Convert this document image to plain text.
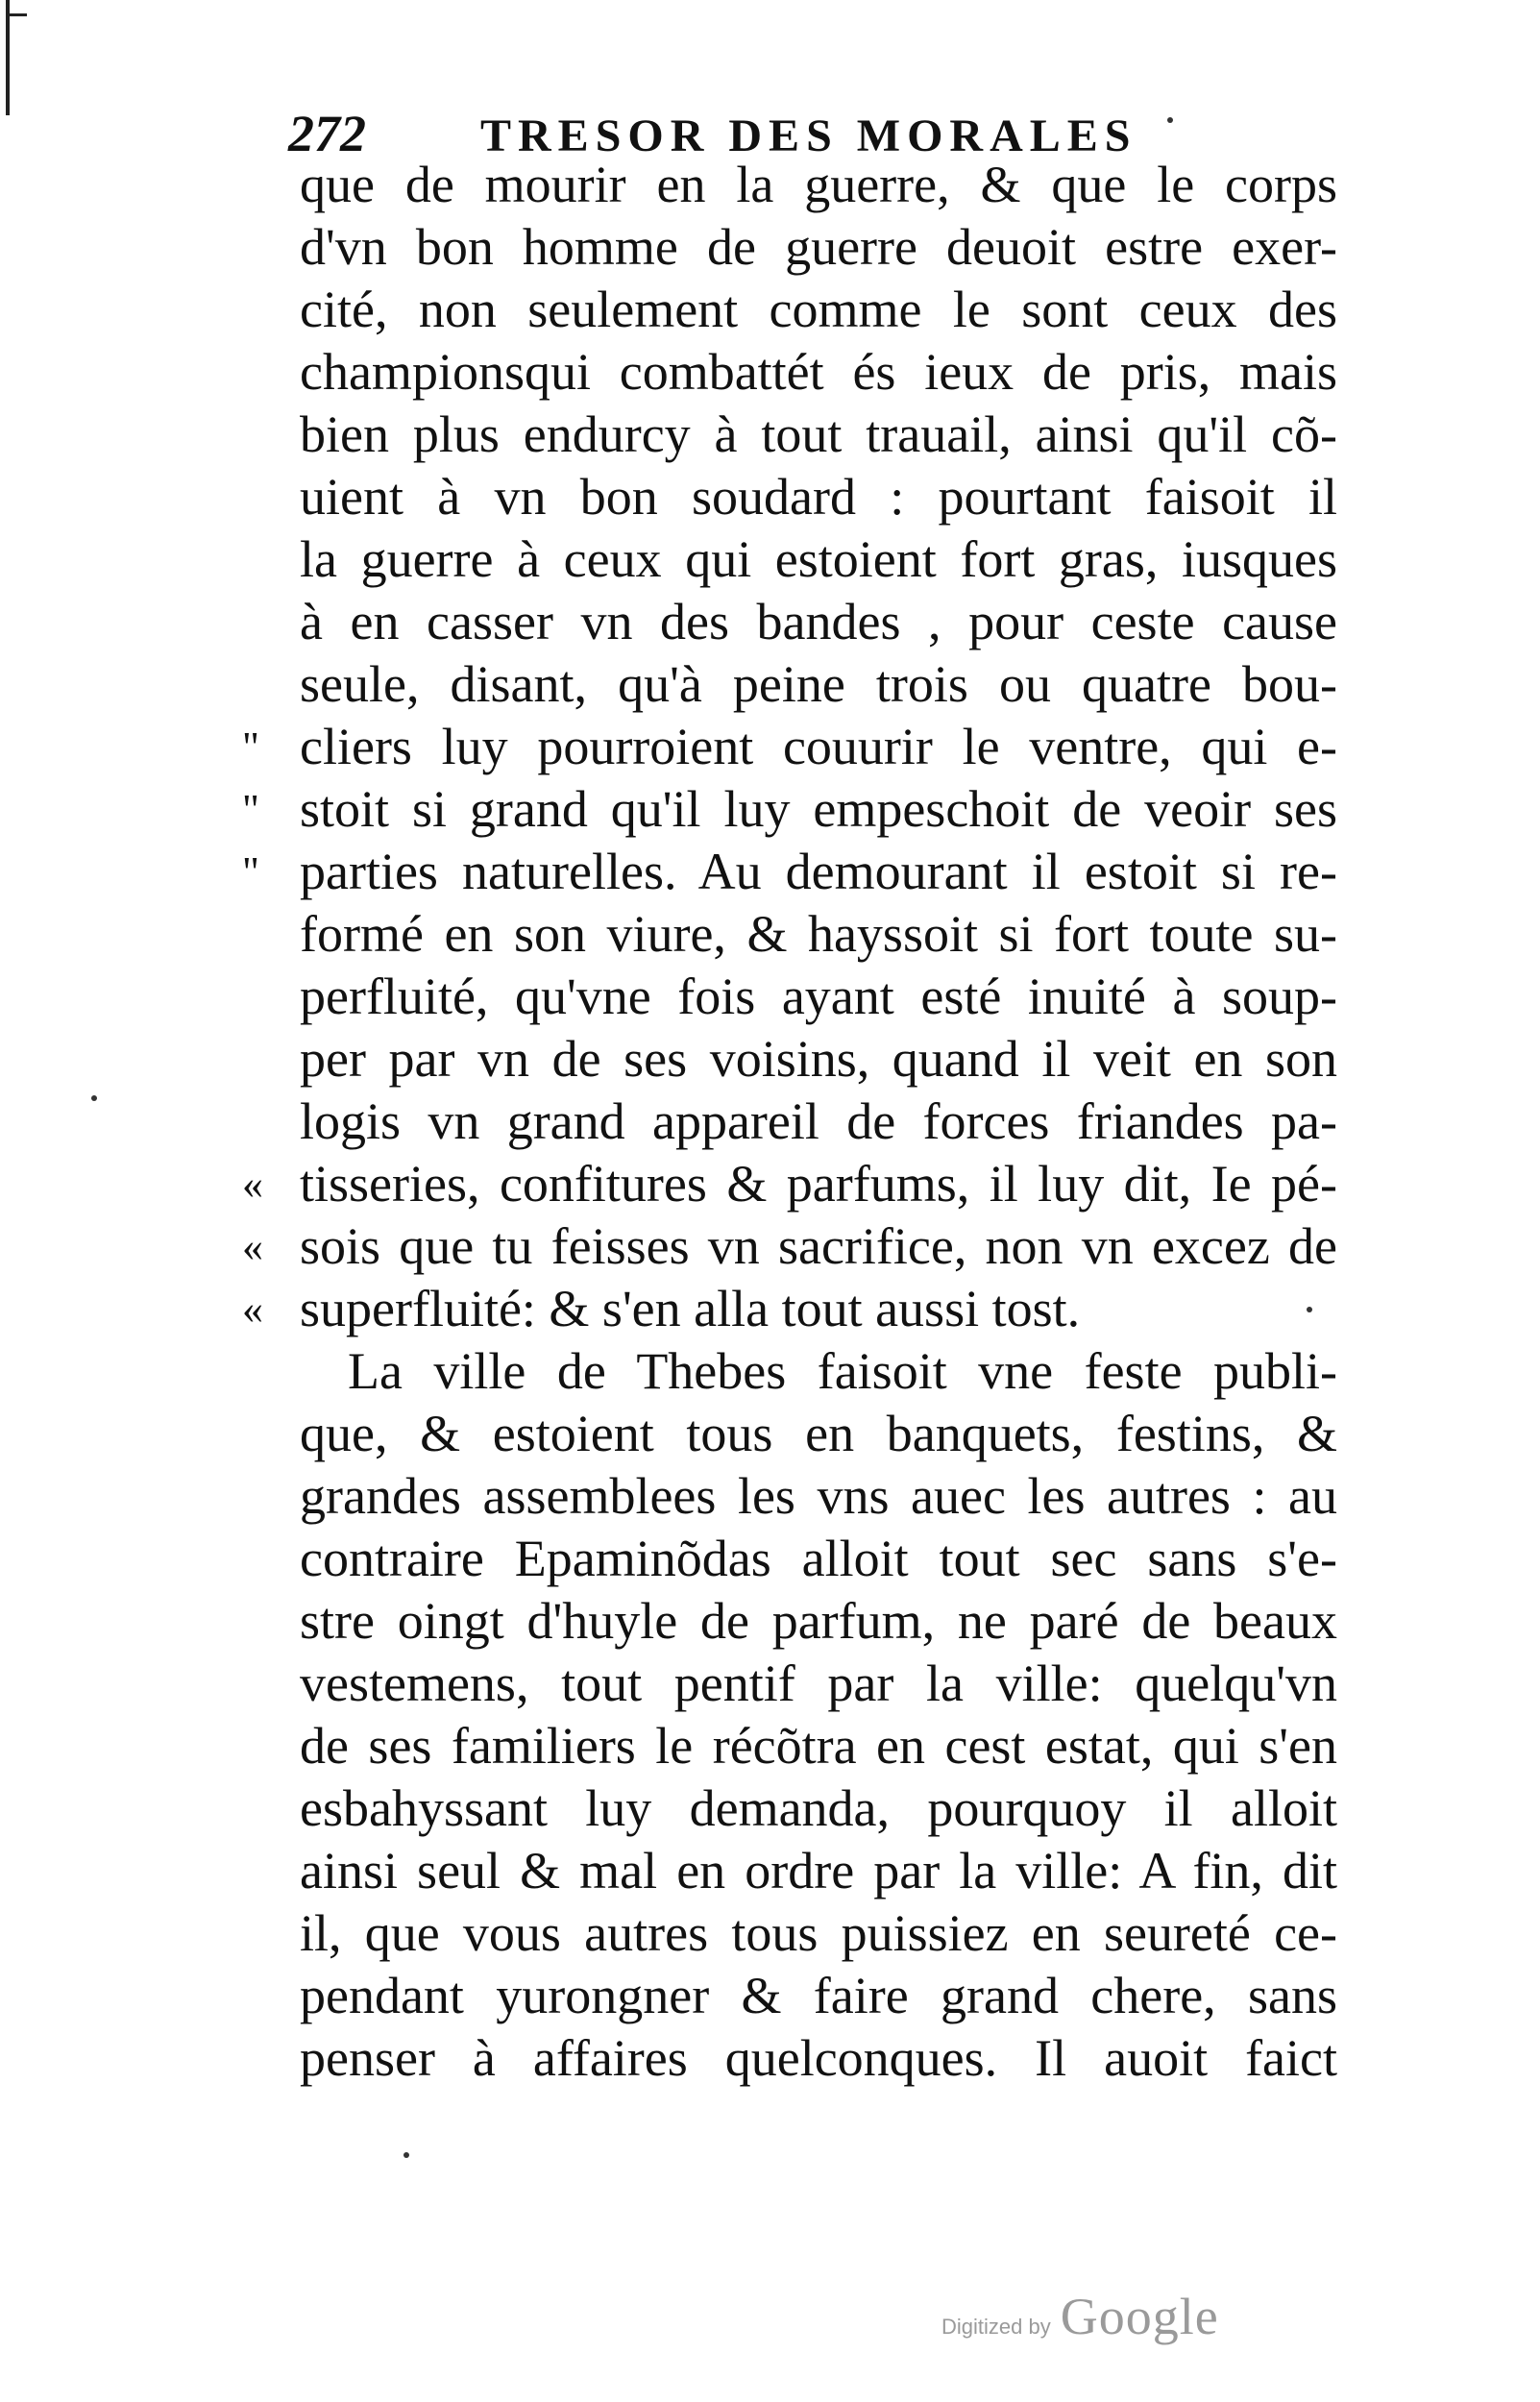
272	TRESOR DES MORALES
que de mourir en la guerre, & que le corps
d'vn bon homme de guerre deuoit estre exer-
cité, non seulement comme le sont ceux des
championsqui combattét és ieux de pris, mais
bien plus endurcy à tout trauail, ainsi qu'il cõ-
uient à vn bon soudard : pourtant faisoit il
la guerre à ceux qui estoient fort gras, iusques
à en casser vn des bandes , pour ceste cause
seule, disant, qu'à peine trois ou quatre bou-
" cliers luy pourroient couurir le ventre, qui e-
" stoit si grand qu'il luy empeschoit de veoir ses
" parties naturelles. Au demourant il estoit si re-
formé en son viure, & hayssoit si fort toute su-
perfluité, qu'vne fois ayant esté inuité à soup-
per par vn de ses voisins, quand il veit en son
logis vn grand appareil de forces friandes pa-
« tisseries, confitures & parfums, il luy dit, Ie pé-
« sois que tu feisses vn sacrifice, non vn excez de
« superfluité: & s'en alla tout aussi tost.
La ville de Thebes faisoit vne feste publi-
que, & estoient tous en banquets, festins, &
grandes assemblees les vns auec les autres : au
contraire Epaminõdas alloit tout sec sans s'e-
stre oingt d'huyle de parfum, ne paré de beaux
vestemens, tout pentif par la ville: quelqu'vn
de ses familiers le récõtra en cest estat, qui s'en
esbahyssant luy demanda, pourquoy il alloit
ainsi seul & mal en ordre par la ville: A fin, dit
il, que vous autres tous puissiez en seureté ce-
pendant yurongner & faire grand chere, sans
penser à affaires quelconques. Il auoit faict
Digitized by Google
